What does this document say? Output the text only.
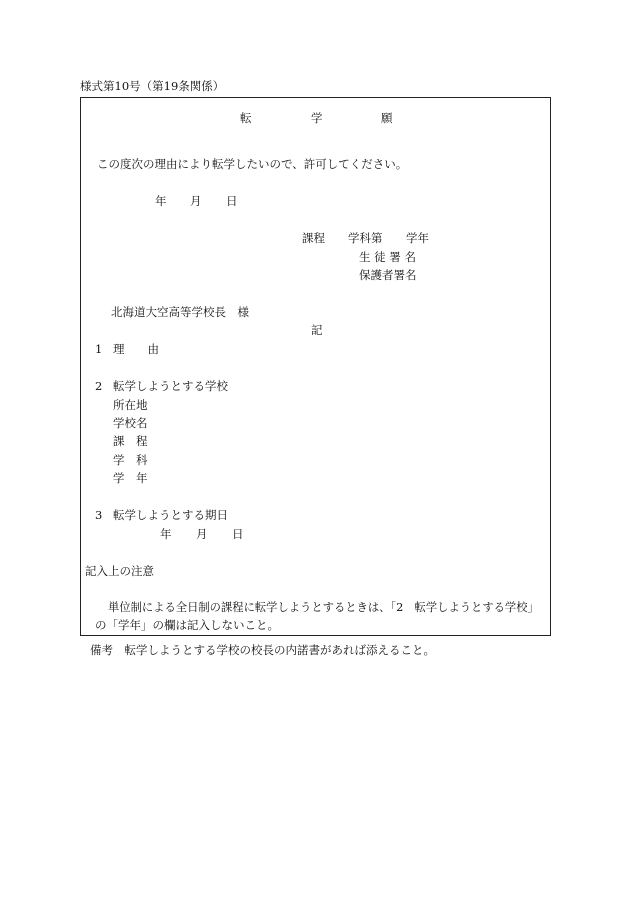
様式第10号（第19条関係）
転	学	願
この度次の理由により転学したいので、許可してください。
年 月 日
課程 学科第 学年
生 徒 署 名
保護者署名
北海道大空高等学校長　様
記
1 理　　由
2 転学しようとする学校
所在地
学校名
課　程
学　科
学　年
3 転学しようとする期日
年 月 日
記入上の注意
単位制による全日制の課程に転学しようとするときは、「2　転学しようとする学校」
の「学年」の欄は記入しないこと。
備考　転学しようとする学校の校長の内諾書があれば添えること。
